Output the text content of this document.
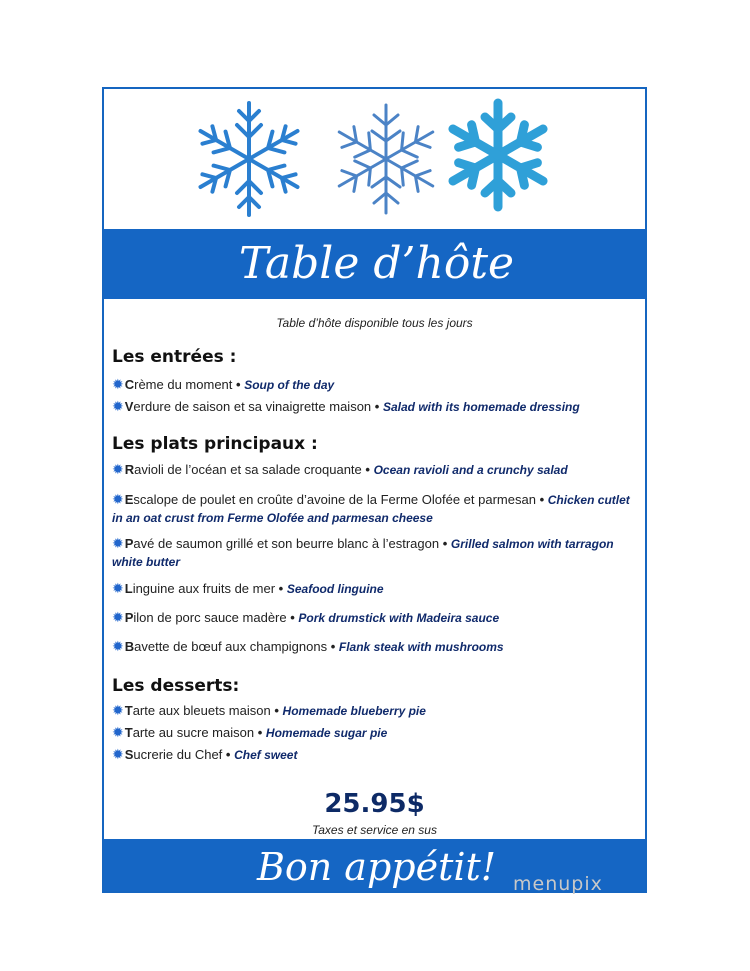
Table d’hôte
Table d’hôte disponible tous les jours
Les entrées :
✹Crème du moment • Soup of the day
✹Verdure de saison et sa vinaigrette maison • Salad with its homemade dressing
Les plats principaux :
✹Ravioli de l’océan et sa salade croquante • Ocean ravioli and a crunchy salad
✹Escalope de poulet en croûte d’avoine de la Ferme Olofée et parmesan • Chicken cutlet in an oat crust from Ferme Olofée and parmesan cheese
✹Pavé de saumon grillé et son beurre blanc à l’estragon • Grilled salmon with tarragon white butter
✹Linguine aux fruits de mer • Seafood linguine
✹Pilon de porc sauce madère • Pork drumstick with Madeira sauce
✹Bavette de bœuf aux champignons • Flank steak with mushrooms
Les desserts:
✹Tarte aux bleuets maison • Homemade blueberry pie
✹Tarte au sucre maison • Homemade sugar pie
✹Sucrerie du Chef • Chef sweet
25.95$
Taxes et service en sus
Bon appétit! menupix
